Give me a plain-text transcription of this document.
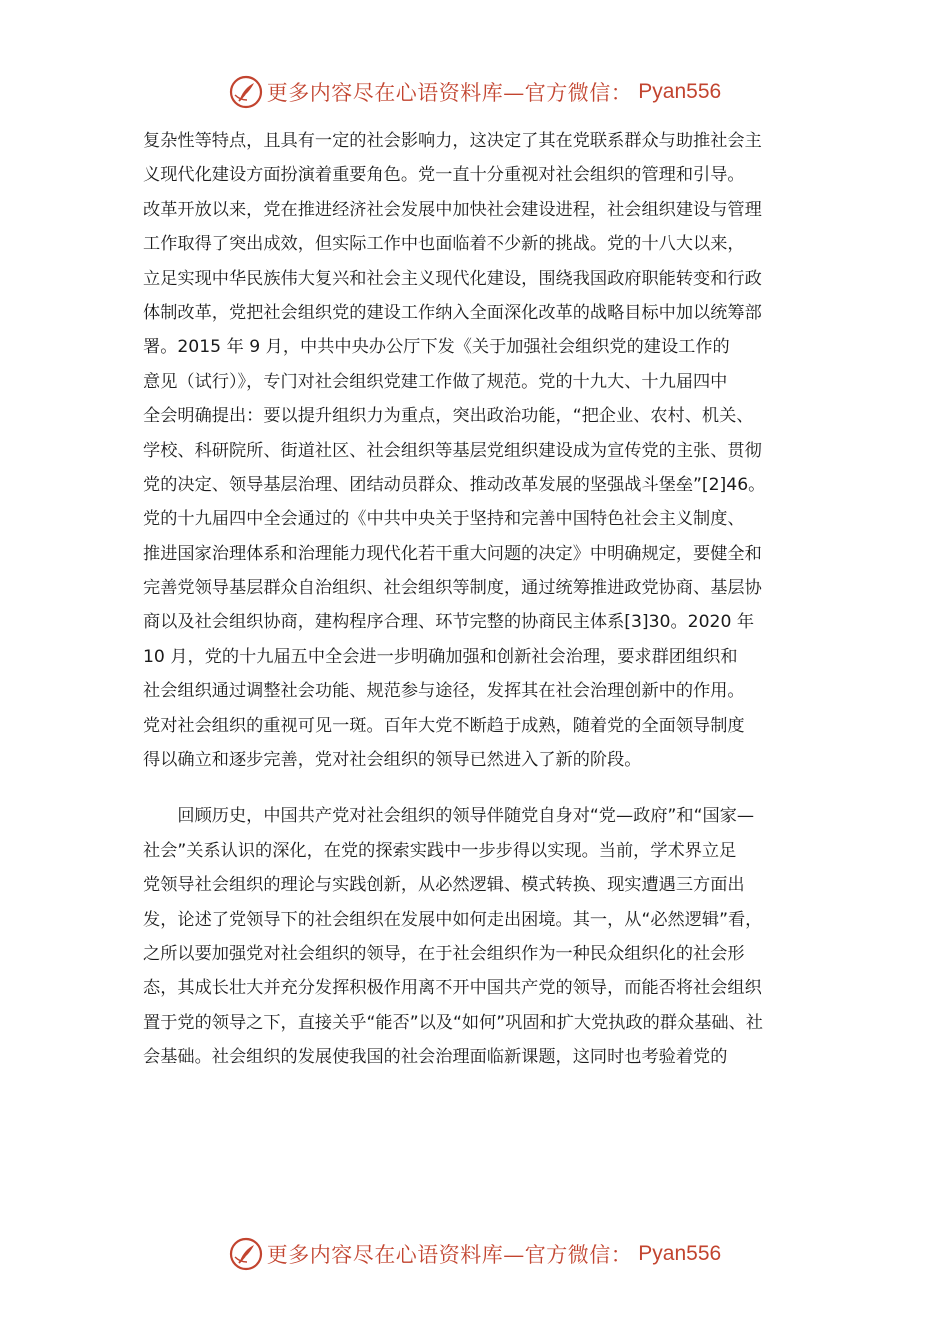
更多内容尽在心语资料库—官方微信： Pyan556
复杂性等特点，且具有一定的社会影响力，这决定了其在党联系群众与助推社会主
义现代化建设方面扮演着重要角色。党一直十分重视对社会组织的管理和引导。
改革开放以来，党在推进经济社会发展中加快社会建设进程，社会组织建设与管理
工作取得了突出成效，但实际工作中也面临着不少新的挑战。党的十八大以来，
立足实现中华民族伟大复兴和社会主义现代化建设，围绕我国政府职能转变和行政
体制改革，党把社会组织党的建设工作纳入全面深化改革的战略目标中加以统筹部
署。2015 年 9 月，中共中央办公厅下发《关于加强社会组织党的建设工作的
意见（试行）》，专门对社会组织党建工作做了规范。党的十九大、十九届四中
全会明确提出：要以提升组织力为重点，突出政治功能，“把企业、农村、机关、
学校、科研院所、街道社区、社会组织等基层党组织建设成为宣传党的主张、贯彻
党的决定、领导基层治理、团结动员群众、推动改革发展的坚强战斗堡垒”[2]46。
党的十九届四中全会通过的《中共中央关于坚持和完善中国特色社会主义制度、
推进国家治理体系和治理能力现代化若干重大问题的决定》中明确规定，要健全和
完善党领导基层群众自治组织、社会组织等制度，通过统筹推进政党协商、基层协
商以及社会组织协商，建构程序合理、环节完整的协商民主体系[3]30。2020 年
10 月，党的十九届五中全会进一步明确加强和创新社会治理，要求群团组织和
社会组织通过调整社会功能、规范参与途径，发挥其在社会治理创新中的作用。
党对社会组织的重视可见一斑。百年大党不断趋于成熟，随着党的全面领导制度
得以确立和逐步完善，党对社会组织的领导已然进入了新的阶段。
　　回顾历史，中国共产党对社会组织的领导伴随党自身对“党—政府”和“国家—
社会”关系认识的深化，在党的探索实践中一步步得以实现。当前，学术界立足
党领导社会组织的理论与实践创新，从必然逻辑、模式转换、现实遭遇三方面出
发，论述了党领导下的社会组织在发展中如何走出困境。其一，从“必然逻辑”看，
之所以要加强党对社会组织的领导，在于社会组织作为一种民众组织化的社会形
态，其成长壮大并充分发挥积极作用离不开中国共产党的领导，而能否将社会组织
置于党的领导之下，直接关乎“能否”以及“如何”巩固和扩大党执政的群众基础、社
会基础。社会组织的发展使我国的社会治理面临新课题，这同时也考验着党的
更多内容尽在心语资料库—官方微信： Pyan556
